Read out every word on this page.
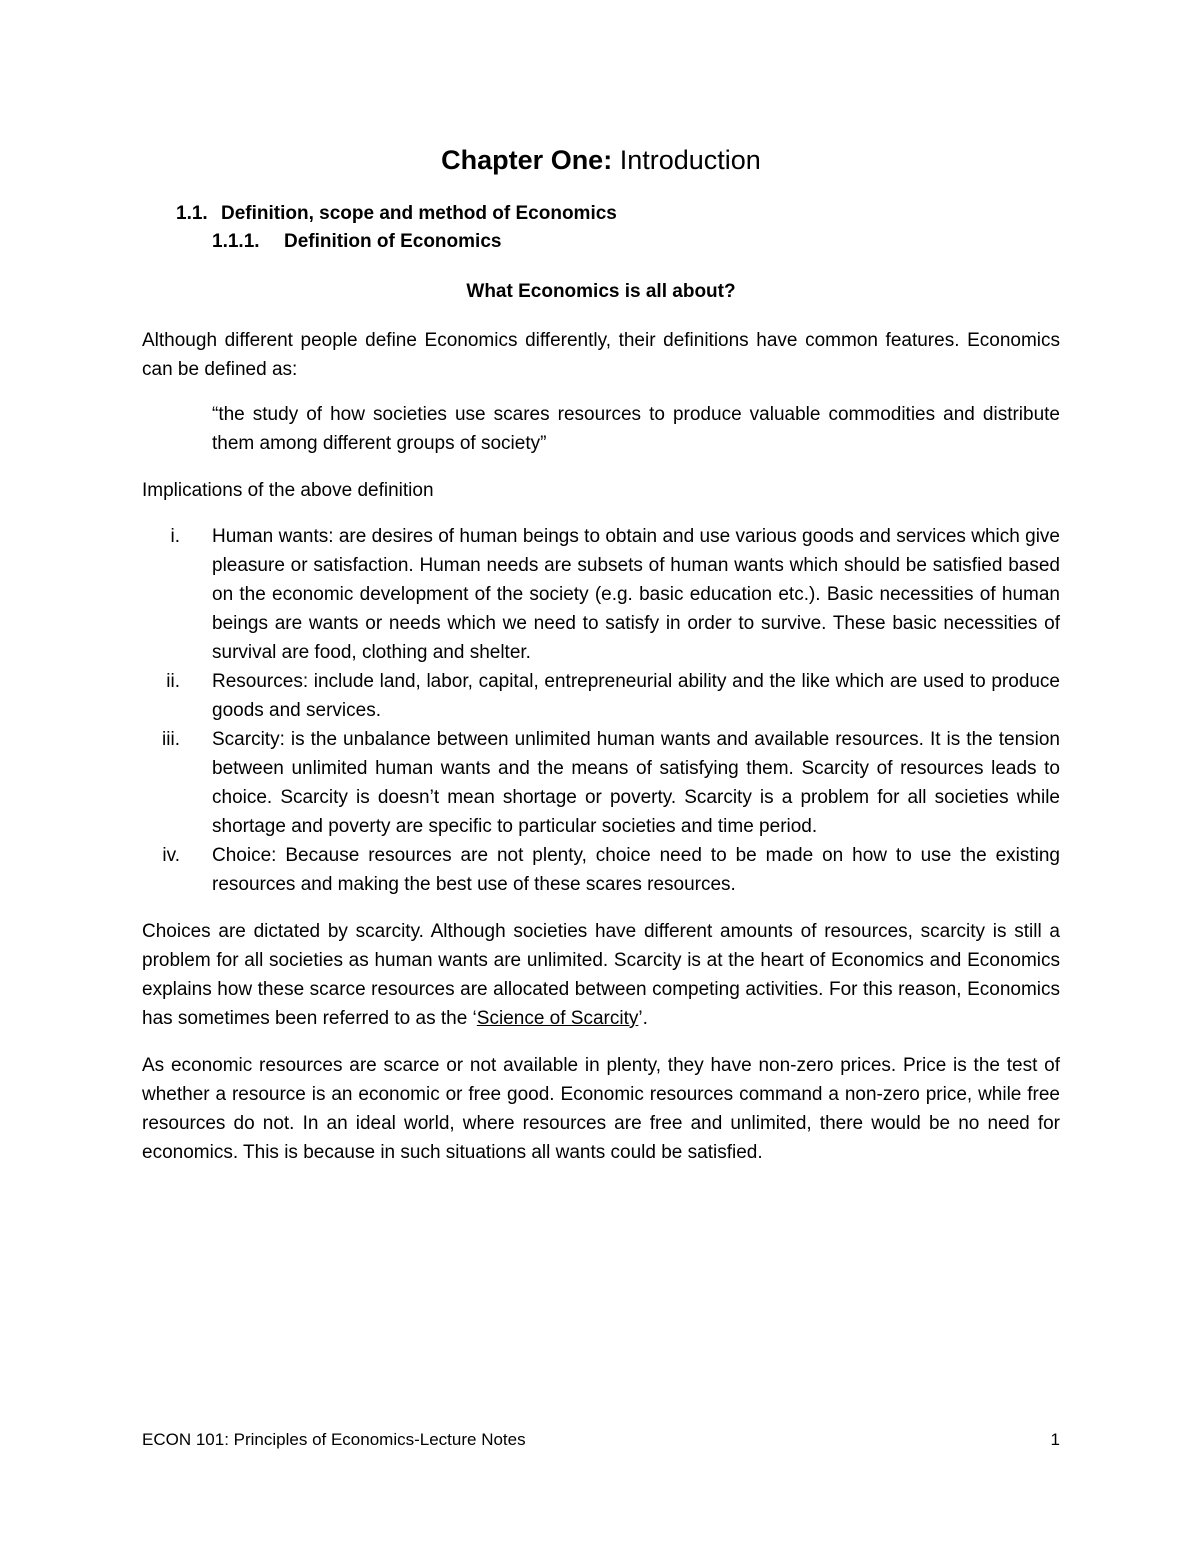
Chapter One: Introduction
1.1. Definition, scope and method of Economics
1.1.1. Definition of Economics
What Economics is all about?

Although different people define Economics differently, their definitions have common features. Economics can be defined as:

“the study of how societies use scares resources to produce valuable commodities and distribute them among different groups of society”

Implications of the above definition

i. Human wants: are desires of human beings to obtain and use various goods and services which give pleasure or satisfaction. Human needs are subsets of human wants which should be satisfied based on the economic development of the society (e.g. basic education etc.). Basic necessities of human beings are wants or needs which we need to satisfy in order to survive. These basic necessities of survival are food, clothing and shelter.
ii. Resources: include land, labor, capital, entrepreneurial ability and the like which are used to produce goods and services.
iii. Scarcity: is the unbalance between unlimited human wants and available resources. It is the tension between unlimited human wants and the means of satisfying them. Scarcity of resources leads to choice. Scarcity is doesn’t mean shortage or poverty. Scarcity is a problem for all societies while shortage and poverty are specific to particular societies and time period.
iv. Choice: Because resources are not plenty, choice need to be made on how to use the existing resources and making the best use of these scares resources.

Choices are dictated by scarcity. Although societies have different amounts of resources, scarcity is still a problem for all societies as human wants are unlimited. Scarcity is at the heart of Economics and Economics explains how these scarce resources are allocated between competing activities. For this reason, Economics has sometimes been referred to as the ‘Science of Scarcity’.

As economic resources are scarce or not available in plenty, they have non-zero prices. Price is the test of whether a resource is an economic or free good. Economic resources command a non-zero price, while free resources do not. In an ideal world, where resources are free and unlimited, there would be no need for economics. This is because in such situations all wants could be satisfied.

ECON 101: Principles of Economics-Lecture Notes	1
